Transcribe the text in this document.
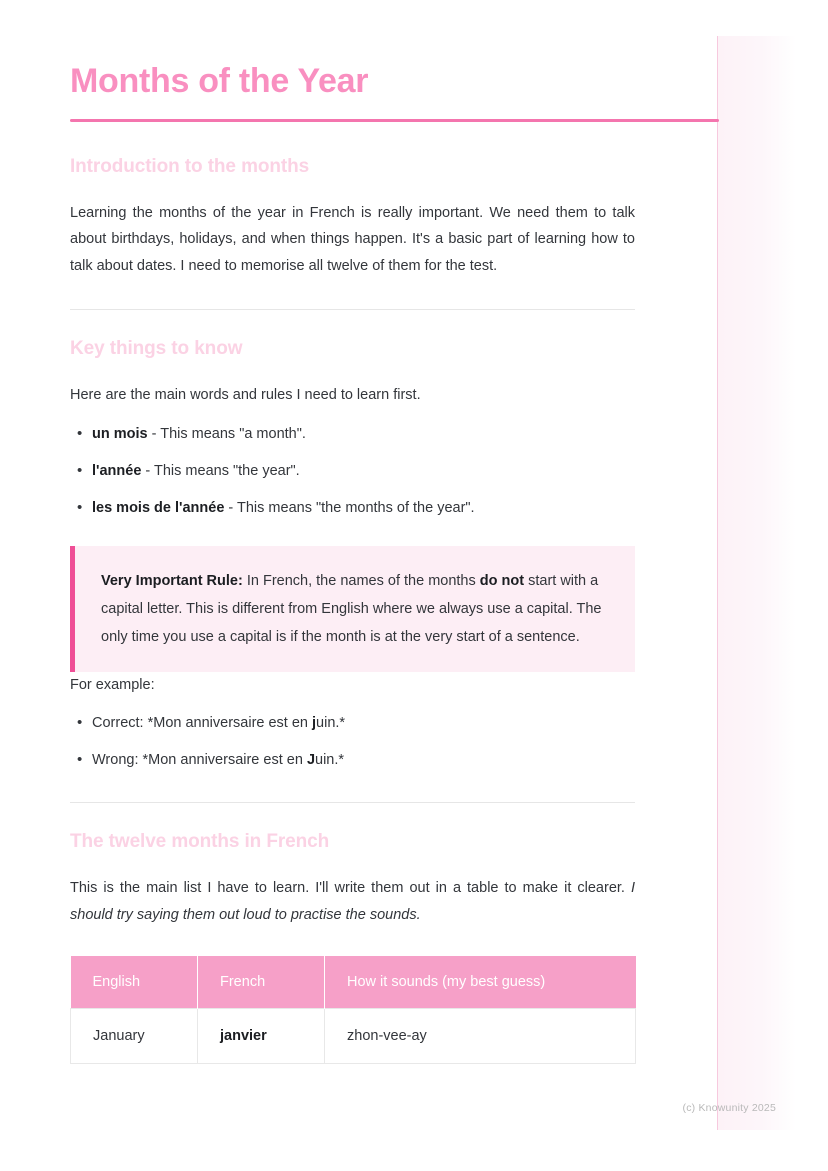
Months of the Year
Introduction to the months

Learning the months of the year in French is really important. We need them to talk about birthdays, holidays, and when things happen. It's a basic part of learning how to talk about dates. I need to memorise all twelve of them for the test.

Key things to know

Here are the main words and rules I need to learn first.

• un mois - This means "a month".
• l'année - This means "the year".
• les mois de l'année - This means "the months of the year".

Very Important Rule: In French, the names of the months do not start with a capital letter. This is different from English where we always use a capital. The only time you use a capital is if the month is at the very start of a sentence.

For example:

• Correct: *Mon anniversaire est en juin.*
• Wrong: *Mon anniversaire est en Juin.*
The twelve months in French

This is the main list I have to learn. I'll write them out in a table to make it clearer. I should try saying them out loud to practise the sounds.

English	French	How it sounds (my best guess)
January	janvier	zhon-vee-ay
(c) Knowunity 2025
